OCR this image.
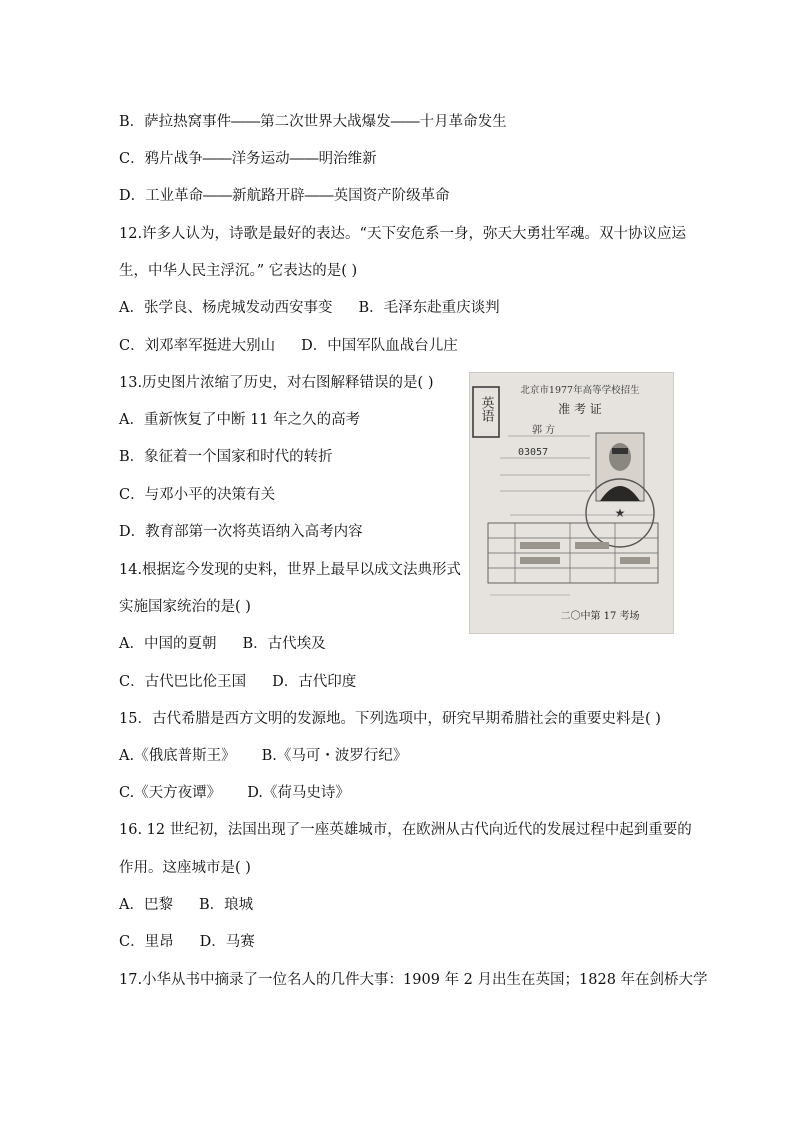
B．萨拉热窝事件――第二次世界大战爆发――十月革命发生
C．鸦片战争――洋务运动――明治维新
D．工业革命――新航路开辟――英国资产阶级革命
12.许多人认为，诗歌是最好的表达。“天下安危系一身，弥天大勇壮军魂。双十协议应运
生，中华人民主浮沉。” 它表达的是( )
A．张学良、杨虎城发动西安事变 B．毛泽东赴重庆谈判
C．刘邓率军挺进大别山 D．中国军队血战台儿庄
13.历史图片浓缩了历史，对右图解释错误的是( )
A．重新恢复了中断 11 年之久的高考
B．象征着一个国家和时代的转折
C．与邓小平的决策有关
D．教育部第一次将英语纳入高考内容
14.根据迄今发现的史料，世界上最早以成文法典形式
实施国家统治的是( )
A．中国的夏朝 B．古代埃及
C．古代巴比伦王国 D．古代印度
15．古代希腊是西方文明的发源地。下列选项中，研究早期希腊社会的重要史料是( )
A.《俄底普斯王》 B.《马可・波罗行纪》
C.《天方夜谭》 D.《荷马史诗》
16. 12 世纪初，法国出现了一座英雄城市，在欧洲从古代向近代的发展过程中起到重要的
作用。这座城市是( )
A．巴黎 B．琅城
C．里昂 D．马赛
17.小华从书中摘录了一位名人的几件大事：1909 年 2 月出生在英国；1828 年在剑桥大学
英语
北京市1977年高等学校招生
准 考 证
郭 方
03057
★
二〇中第 17 考场
